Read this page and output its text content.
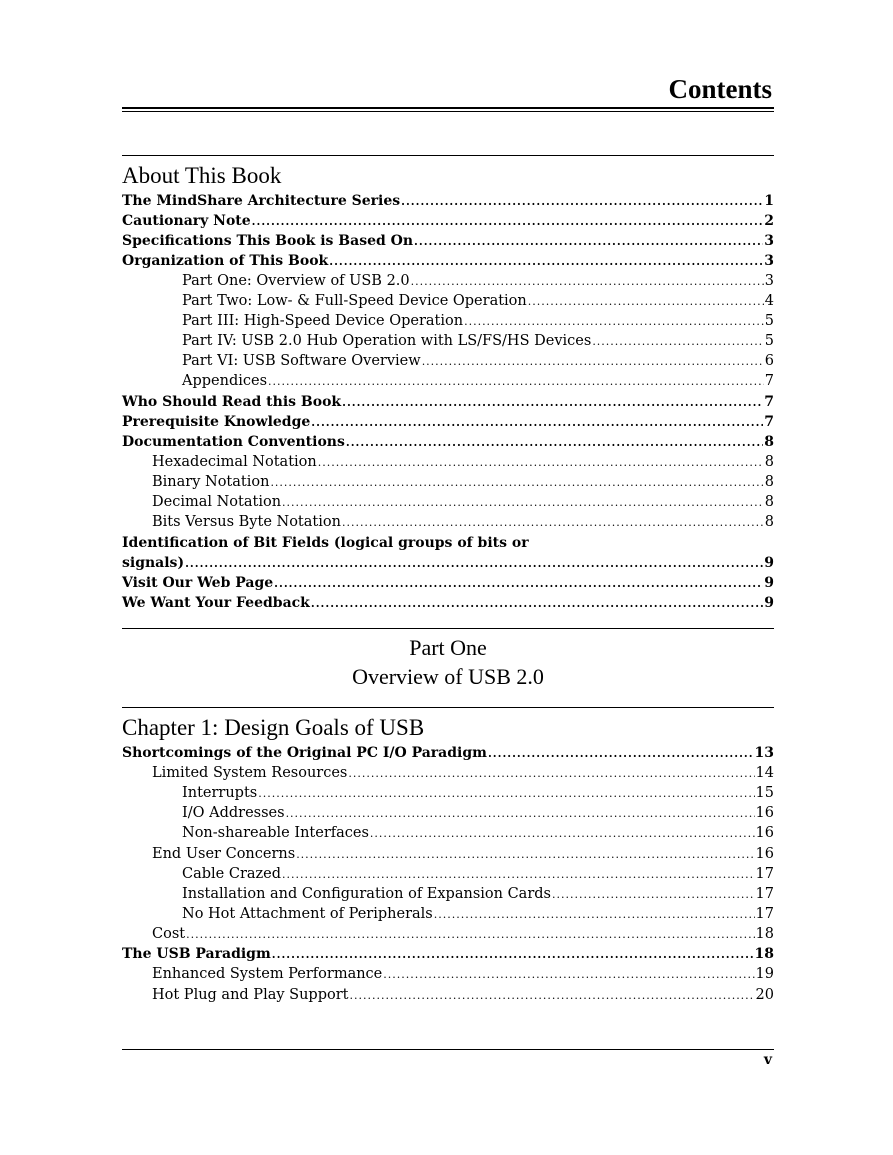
Contents
About This Book
The MindShare Architecture Series .....	1
Cautionary Note .....	2
Specifications This Book is Based On .....	3
Organization of This Book .....	3
Part One: Overview of USB 2.0 .....	3
Part Two: Low- & Full-Speed Device Operation .....	4
Part III: High-Speed Device Operation .....	5
Part IV: USB 2.0 Hub Operation with LS/FS/HS Devices .....	5
Part VI: USB Software Overview .....	6
Appendices .....	7
Who Should Read this Book .....	7
Prerequisite Knowledge .....	7
Documentation Conventions .....	8
Hexadecimal Notation .....	8
Binary Notation .....	8
Decimal Notation .....	8
Bits Versus Byte Notation .....	8
Identification of Bit Fields (logical groups of bits or
signals) .....	9
Visit Our Web Page .....	9
We Want Your Feedback .....	9
Part One
Overview of USB 2.0
Chapter 1: Design Goals of USB
Shortcomings of the Original PC I/O Paradigm .....	13
Limited System Resources .....	14
Interrupts .....	15
I/O Addresses .....	16
Non-shareable Interfaces .....	16
End User Concerns .....	16
Cable Crazed .....	17
Installation and Configuration of Expansion Cards .....	17
No Hot Attachment of Peripherals .....	17
Cost .....	18
The USB Paradigm .....	18
Enhanced System Performance .....	19
Hot Plug and Play Support .....	20
v
